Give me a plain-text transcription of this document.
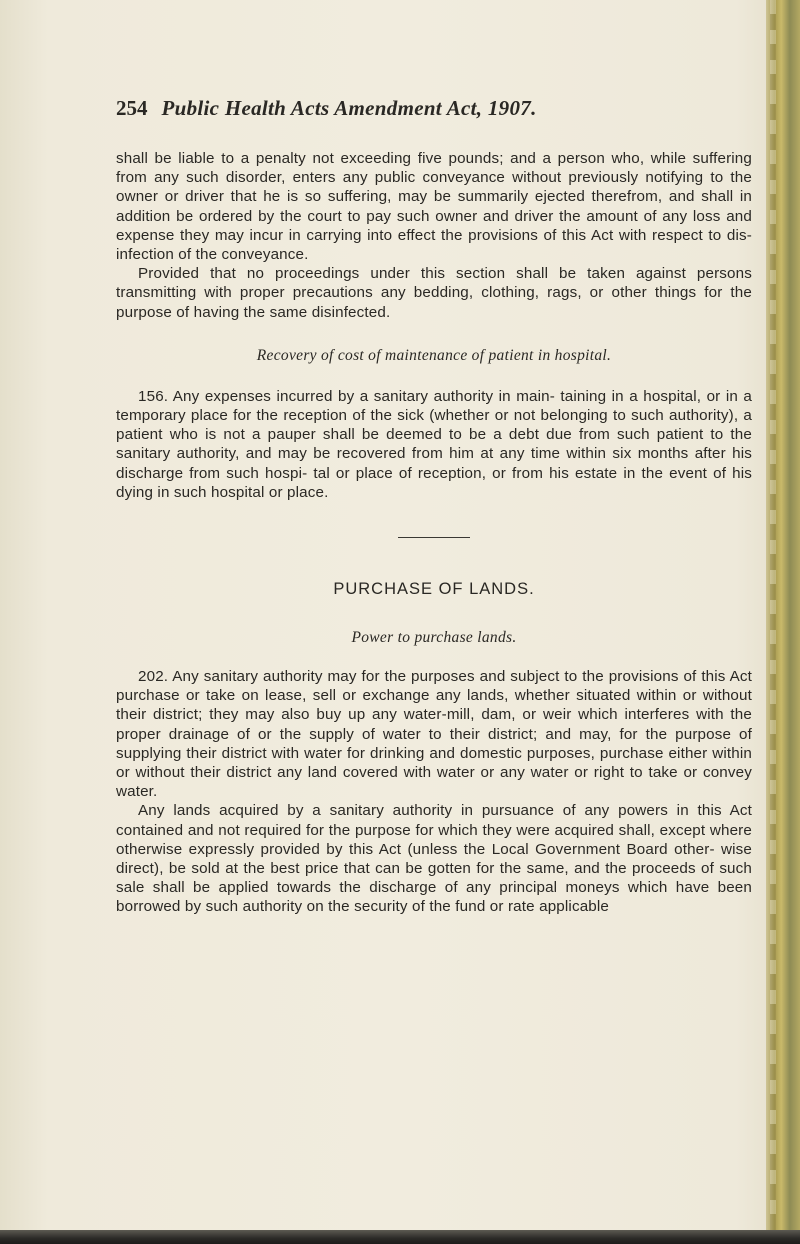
254 Public Health Acts Amendment Act, 1907.

shall be liable to a penalty not exceeding five pounds; and a person who, while suffering from any such disorder, enters any public conveyance without previously notifying to the owner or driver that he is so suffering, may be summarily ejected therefrom, and shall in addition be ordered by the court to pay such owner and driver the amount of any loss and expense they may incur in carrying into effect the provisions of this Act with respect to dis- infection of the conveyance.

Provided that no proceedings under this section shall be taken against persons transmitting with proper precautions any bedding, clothing, rags, or other things for the purpose of having the same disinfected.

Recovery of cost of maintenance of patient in hospital.

156. Any expenses incurred by a sanitary authority in main- taining in a hospital, or in a temporary place for the reception of the sick (whether or not belonging to such authority), a patient who is not a pauper shall be deemed to be a debt due from such patient to the sanitary authority, and may be recovered from him at any time within six months after his discharge from such hospi- tal or place of reception, or from his estate in the event of his dying in such hospital or place.

PURCHASE OF LANDS.
Power to purchase lands.

202. Any sanitary authority may for the purposes and subject to the provisions of this Act purchase or take on lease, sell or exchange any lands, whether situated within or without their district; they may also buy up any water-mill, dam, or weir which interferes with the proper drainage of or the supply of water to their district; and may, for the purpose of supplying their district with water for drinking and domestic purposes, purchase either within or without their district any land covered with water or any water or right to take or convey water.

Any lands acquired by a sanitary authority in pursuance of any powers in this Act contained and not required for the purpose for which they were acquired shall, except where otherwise expressly provided by this Act (unless the Local Government Board other- wise direct), be sold at the best price that can be gotten for the same, and the proceeds of such sale shall be applied towards the discharge of any principal moneys which have been borrowed by such authority on the security of the fund or rate applicable
